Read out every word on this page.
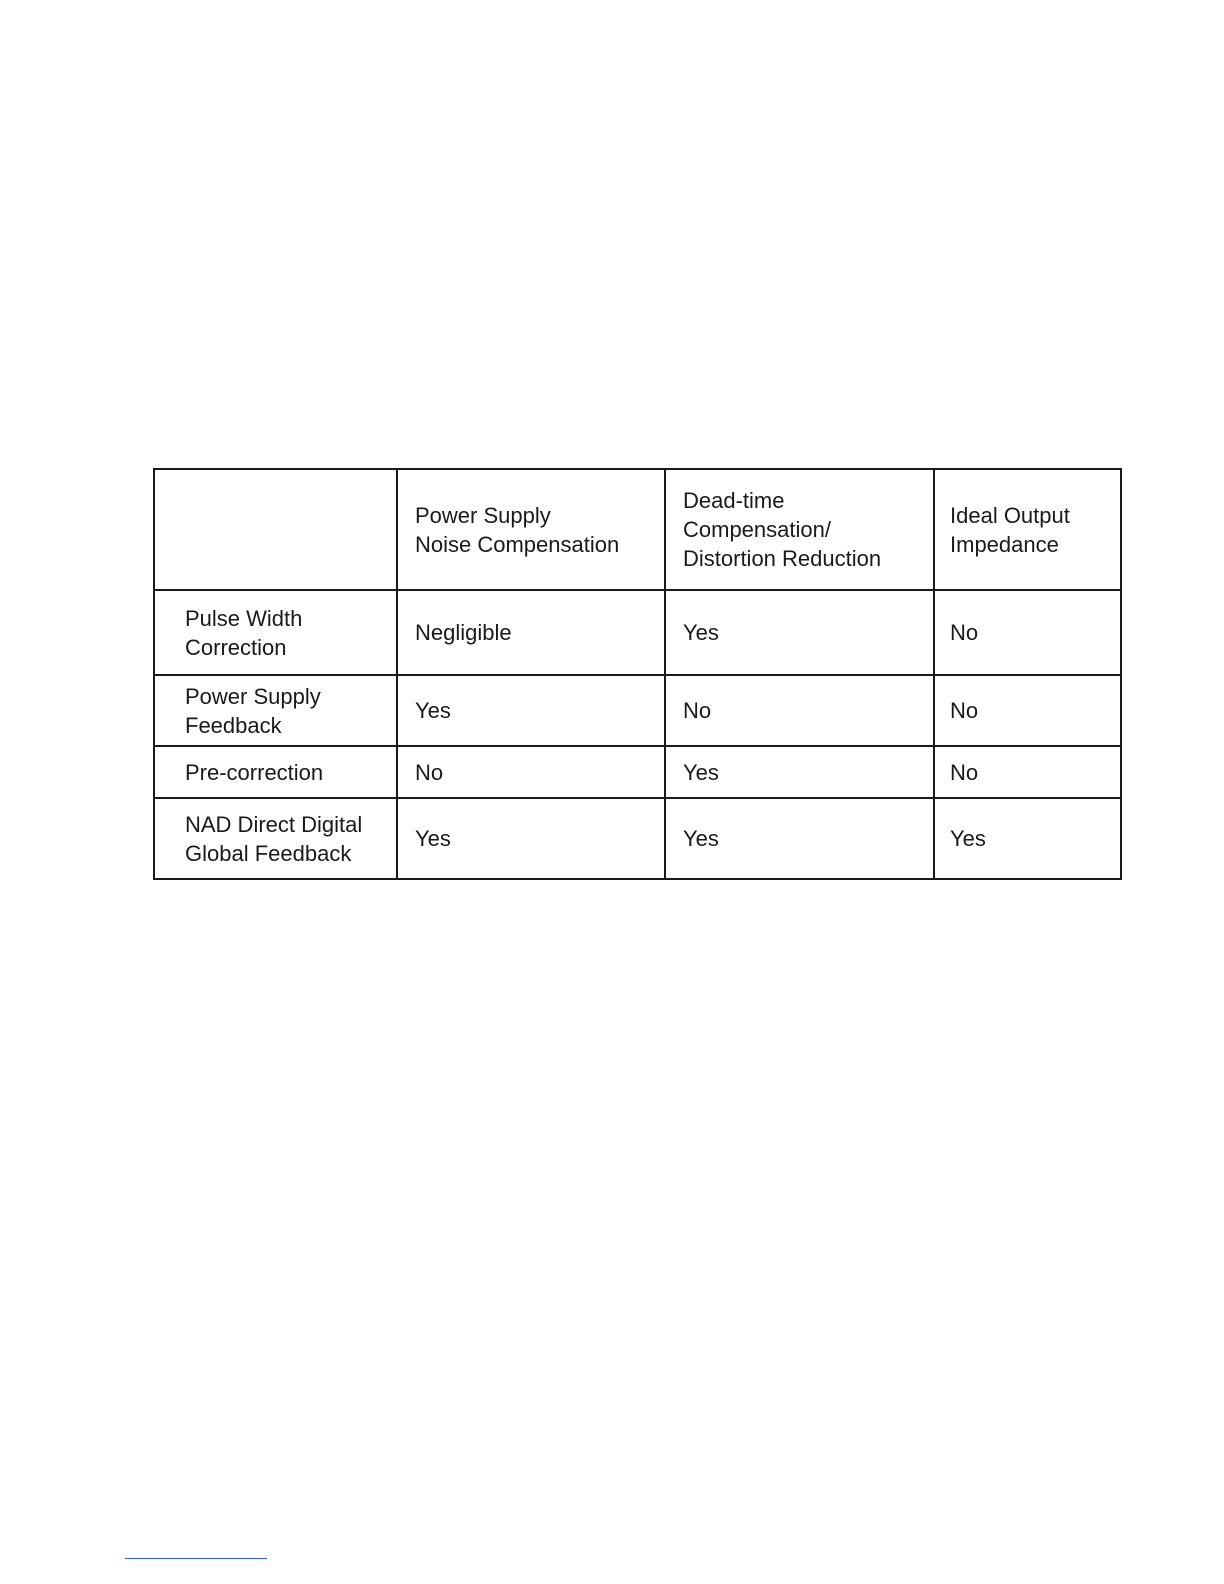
	Power Supply
Noise Compensation	Dead-time
Compensation/
Distortion Reduction	Ideal Output
Impedance
Pulse Width
Correction	Negligible	Yes	No
Power Supply
Feedback	Yes	No	No
Pre-correction	No	Yes	No
NAD Direct Digital
Global Feedback	Yes	Yes	Yes
